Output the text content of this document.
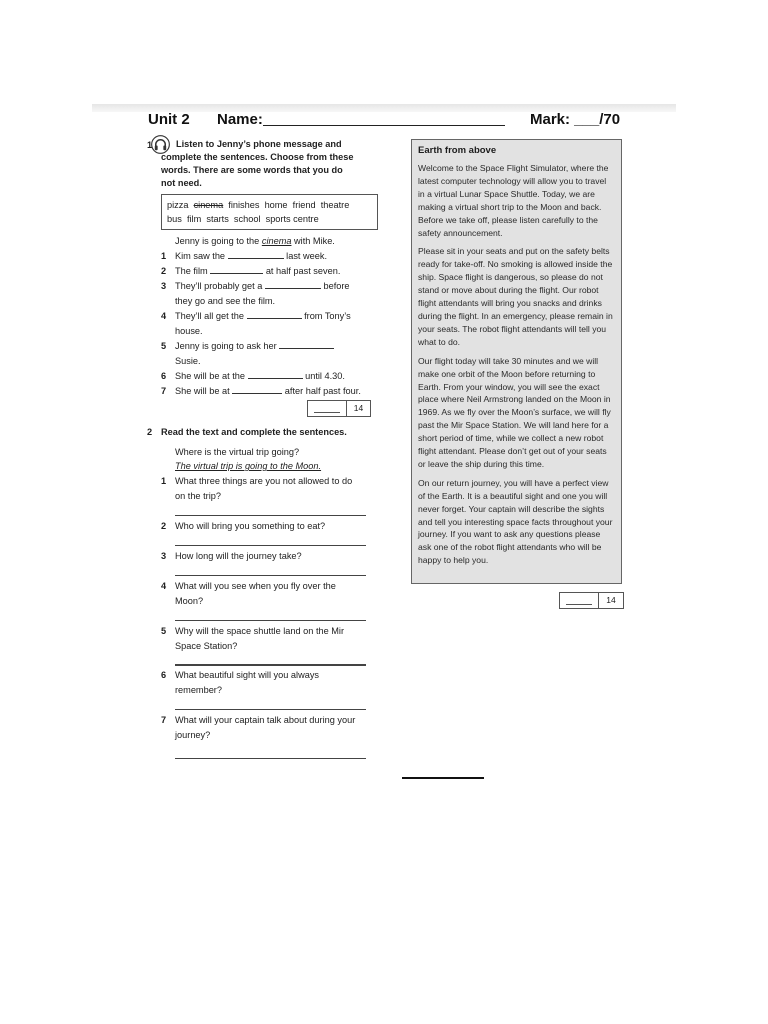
Unit 2 Name:	Mark: ___/70
1	Listen to Jenny’s phone message and
complete the sentences. Choose from these
words. There are some words that you do
not need.
pizza cinema finishes home friend theatre
bus film starts school sports centre
Jenny is going to the cinema with Mike.
1 Kim saw the	last week.
2 The film	at half past seven.
3 They’ll probably get a	before
they go and see the film.
4 They’ll all get the	from Tony’s
house.
5 Jenny is going to ask her
Susie.
6 She will be at the	until 4.30.
7 She will be at	after half past four.
14
2 Read the text and complete the sentences.
Where is the virtual trip going?
The virtual trip is going to the Moon.
1 What three things are you not allowed to do
on the trip?
2 Who will bring you something to eat?
3 How long will the journey take?
4 What will you see when you fly over the
Moon?
5 Why will the space shuttle land on the Mir
Space Station?
6 What beautiful sight will you always
remember?
7 What will your captain talk about during your
journey?
Earth from above

Welcome to the Space Flight Simulator, where the latest computer technology will allow you to travel in a virtual Lunar Space Shuttle. Today, we are making a virtual short trip to the Moon and back. Before we take off, please listen carefully to the safety announcement.

Please sit in your seats and put on the safety belts ready for take-off. No smoking is allowed inside the ship. Space flight is dangerous, so please do not stand or move about during the flight. Our robot flight attendants will bring you snacks and drinks during the flight. In an emergency, please remain in your seats. The robot flight attendants will tell you what to do.

Our flight today will take 30 minutes and we will make one orbit of the Moon before returning to Earth. From your window, you will see the exact place where Neil Armstrong landed on the Moon in 1969. As we fly over the Moon’s surface, we will fly past the Mir Space Station. We will land here for a short period of time, while we collect a new robot flight attendant. Please don’t get out of your seats or leave the ship during this time.

On our return journey, you will have a perfect view of the Earth. It is a beautiful sight and one you will never forget. Your captain will describe the sights and tell you interesting space facts throughout your journey. If you want to ask any questions please ask one of the robot flight attendants who will be happy to help you.

14
